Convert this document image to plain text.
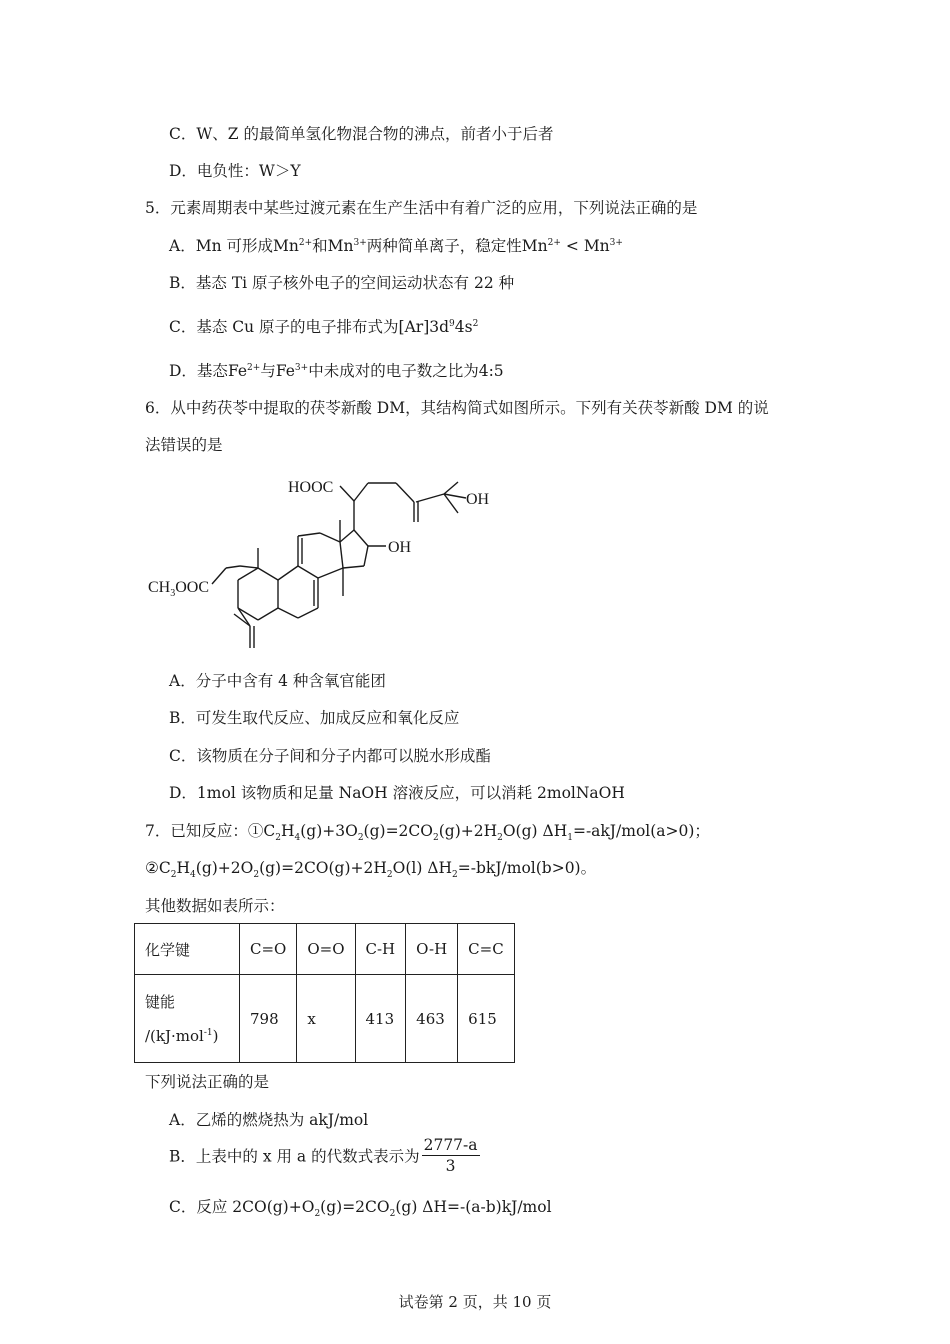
C．W、Z 的最简单氢化物混合物的沸点，前者小于后者
D．电负性：W＞Y
5．元素周期表中某些过渡元素在生产生活中有着广泛的应用，下列说法正确的是
A．Mn 可形成$Mn^{2+}$和$Mn^{3+}$两种简单离子，稳定性$Mn^{2+} < Mn^{3+}$
B．基态 Ti 原子核外电子的空间运动状态有 22 种
C．基态 Cu 原子的电子排布式为$[Ar]3d^94s^2$
D．基态$Fe^{2+}$与$Fe^{3+}$中未成对的电子数之比为4:5
6．从中药茯苓中提取的茯苓新酸 DM，其结构简式如图所示。下列有关茯苓新酸 DM 的说
法错误的是
HOOC
OH
OH
$CH_3OOC$
A．分子中含有 4 种含氧官能团
B．可发生取代反应、加成反应和氧化反应
C．该物质在分子间和分子内都可以脱水形成酯
D．1mol 该物质和足量 NaOH 溶液反应，可以消耗 2molNaOH
7．已知反应：$①C_2H_4(g)+3O_2(g)=2CO_2(g)+2H_2O(g)$ $\Delta H_1=-akJ/mol(a>0)$；
$②C_2H_4(g)+2O_2(g)=2CO(g)+2H_2O(l)$ $\Delta H_2=-bkJ/mol(b>0)$。
其他数据如表所示：
化学键	C=O	O=O	C-H	O-H	C=C
键能
/(kJ·mol$^{-1}$)	798	x	413	463	615
下列说法正确的是
A．乙烯的燃烧热为 akJ/mol
B．上表中的 x 用 a 的代数式表示为 $\frac{2777-a}{3}$
C．反应 $2CO(g)+O_2(g)=2CO_2(g)$ ΔH=-(a-b)kJ/mol
试卷第 2 页，共 10 页
